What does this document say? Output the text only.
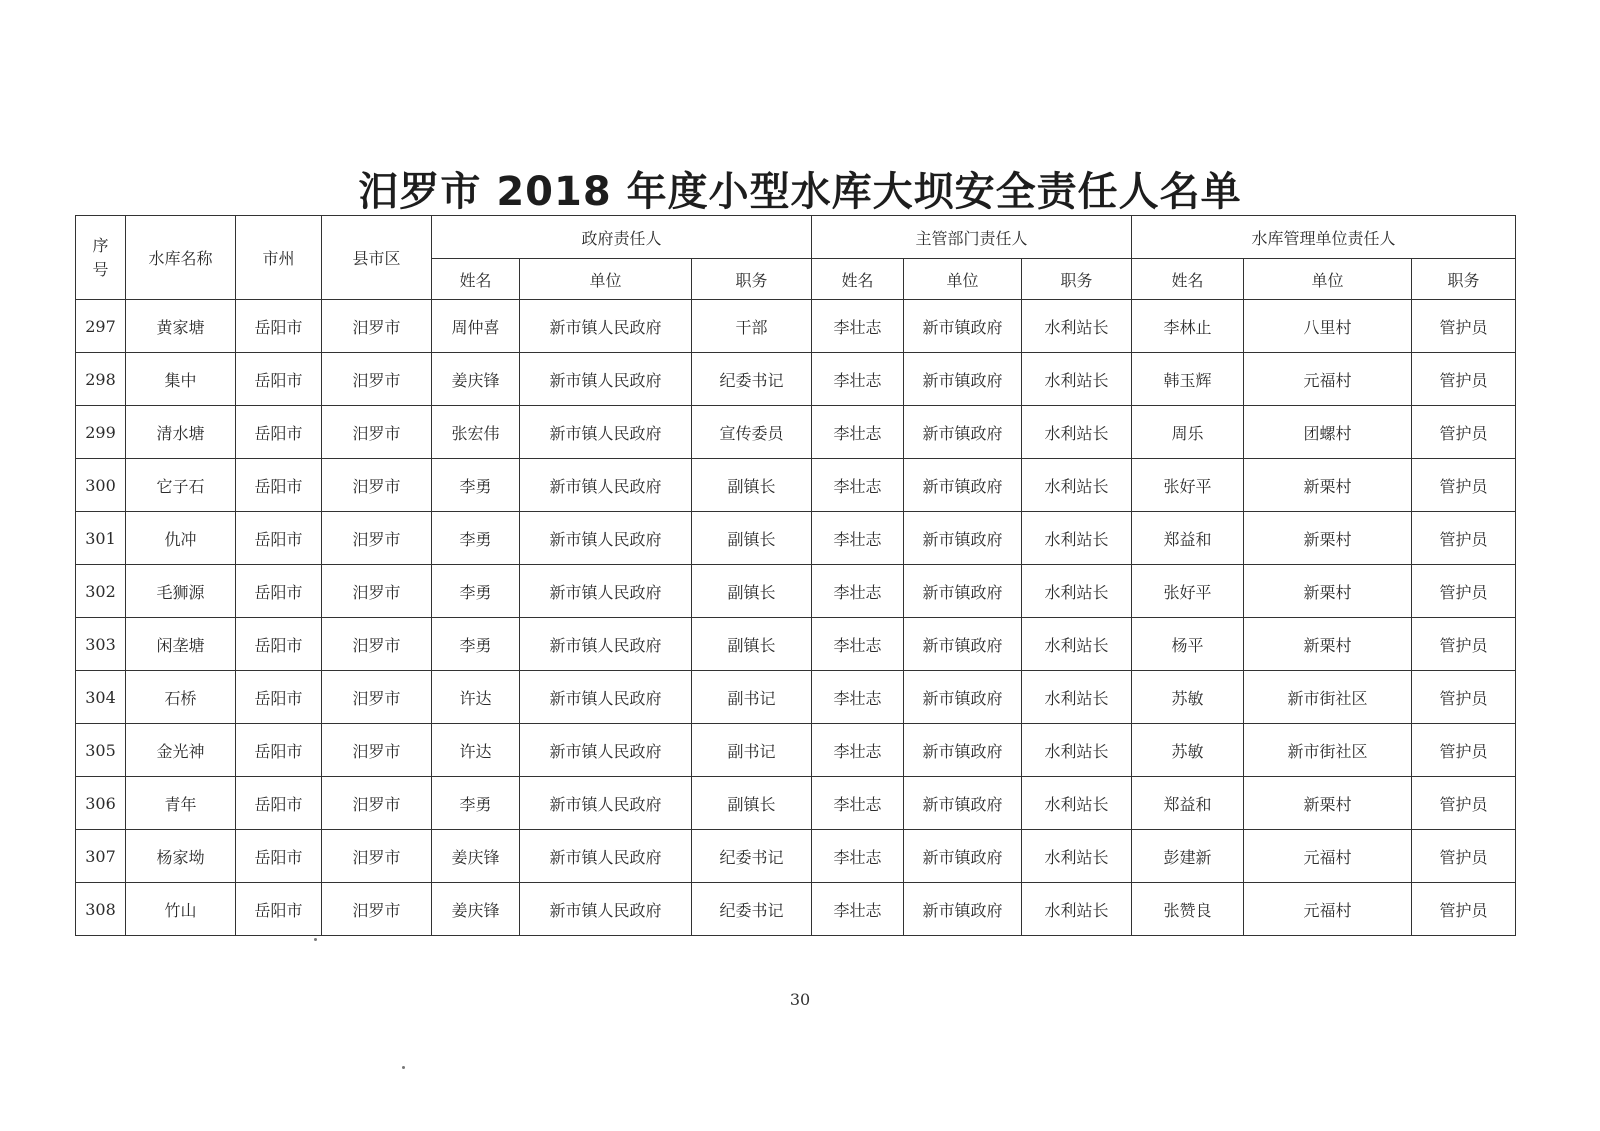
汨罗市 2018 年度小型水库大坝安全责任人名单
序
号	水库名称	市州	县市区	政府责任人			主管部门责任人			水库管理单位责任人		
				姓名	单位	职务	姓名	单位	职务	姓名	单位	职务
297	黄家塘	岳阳市	汨罗市	周仲喜	新市镇人民政府	干部	李壮志	新市镇政府	水利站长	李林止	八里村	管护员
298	集中	岳阳市	汨罗市	姜庆锋	新市镇人民政府	纪委书记	李壮志	新市镇政府	水利站长	韩玉辉	元福村	管护员
299	清水塘	岳阳市	汨罗市	张宏伟	新市镇人民政府	宣传委员	李壮志	新市镇政府	水利站长	周乐	团螺村	管护员
300	它子石	岳阳市	汨罗市	李勇	新市镇人民政府	副镇长	李壮志	新市镇政府	水利站长	张好平	新栗村	管护员
301	仇冲	岳阳市	汨罗市	李勇	新市镇人民政府	副镇长	李壮志	新市镇政府	水利站长	郑益和	新栗村	管护员
302	毛狮源	岳阳市	汨罗市	李勇	新市镇人民政府	副镇长	李壮志	新市镇政府	水利站长	张好平	新栗村	管护员
303	闲垄塘	岳阳市	汨罗市	李勇	新市镇人民政府	副镇长	李壮志	新市镇政府	水利站长	杨平	新栗村	管护员
304	石桥	岳阳市	汨罗市	许达	新市镇人民政府	副书记	李壮志	新市镇政府	水利站长	苏敏	新市街社区	管护员
305	金光神	岳阳市	汨罗市	许达	新市镇人民政府	副书记	李壮志	新市镇政府	水利站长	苏敏	新市街社区	管护员
306	青年	岳阳市	汨罗市	李勇	新市镇人民政府	副镇长	李壮志	新市镇政府	水利站长	郑益和	新栗村	管护员
307	杨家坳	岳阳市	汨罗市	姜庆锋	新市镇人民政府	纪委书记	李壮志	新市镇政府	水利站长	彭建新	元福村	管护员
308	竹山	岳阳市	汨罗市	姜庆锋	新市镇人民政府	纪委书记	李壮志	新市镇政府	水利站长	张赞良	元福村	管护员
30
